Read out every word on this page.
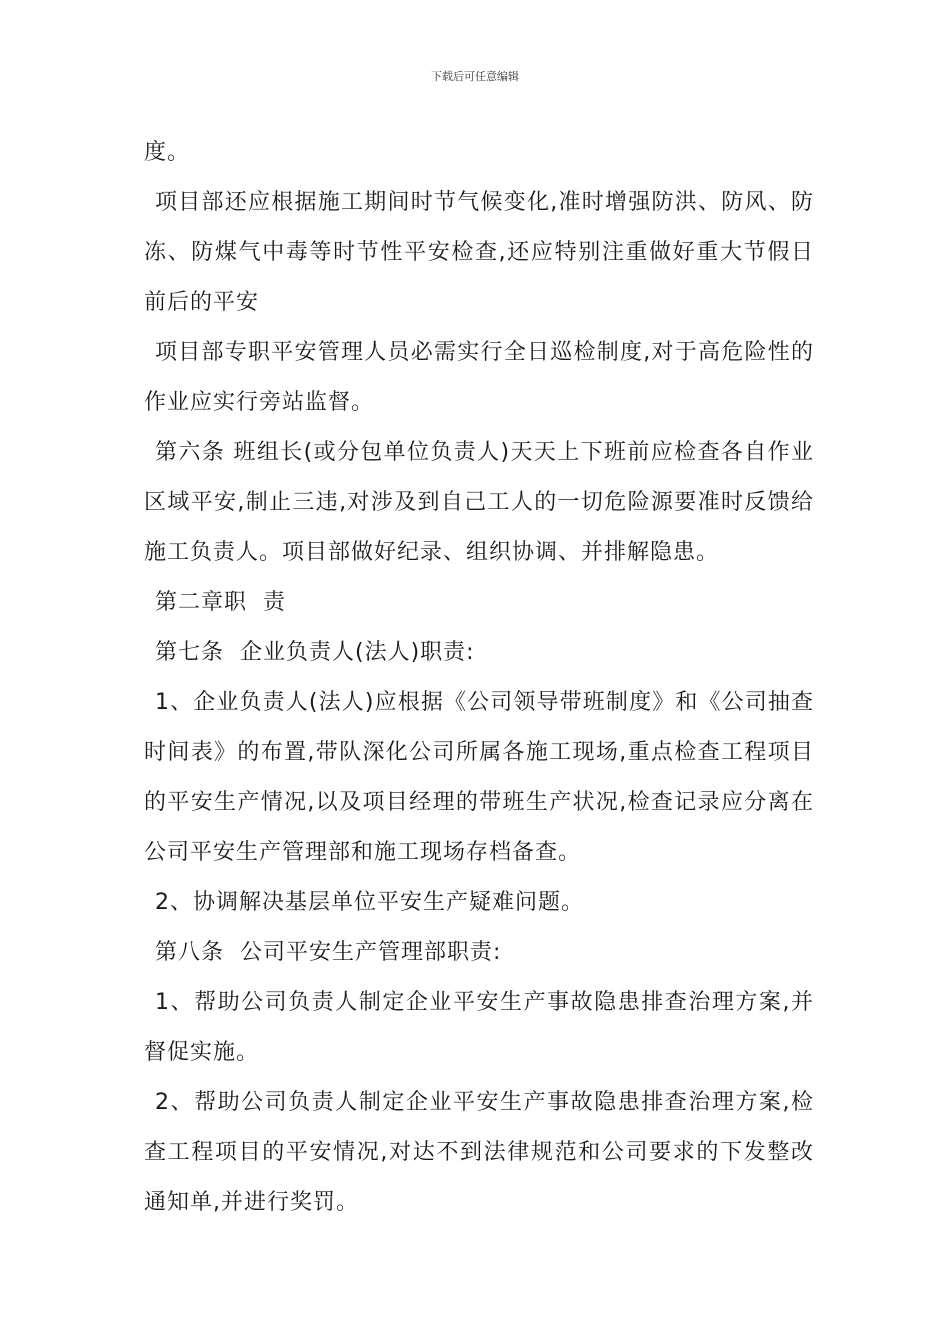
下载后可任意编辑

度。

项目部还应根据施工期间时节气候变化,准时增强防洪、防风、防冻、防煤气中毒等时节性平安检查,还应特别注重做好重大节假日前后的平安

项目部专职平安管理人员必需实行全日巡检制度,对于高危险性的作业应实行旁站监督。

第六条 班组长(或分包单位负责人)天天上下班前应检查各自作业区域平安,制止三违,对涉及到自己工人的一切危险源要准时反馈给施工负责人。项目部做好纪录、组织协调、并排解隐患。

第二章职  责

第七条  企业负责人(法人)职责:

1、企业负责人(法人)应根据《公司领导带班制度》和《公司抽查时间表》的布置,带队深化公司所属各施工现场,重点检查工程项目的平安生产情况,以及项目经理的带班生产状况,检查记录应分离在公司平安生产管理部和施工现场存档备查。

2、协调解决基层单位平安生产疑难问题。

第八条  公司平安生产管理部职责:

1、帮助公司负责人制定企业平安生产事故隐患排查治理方案,并督促实施。

2、帮助公司负责人制定企业平安生产事故隐患排查治理方案,检查工程项目的平安情况,对达不到法律规范和公司要求的下发整改通知单,并进行奖罚。
